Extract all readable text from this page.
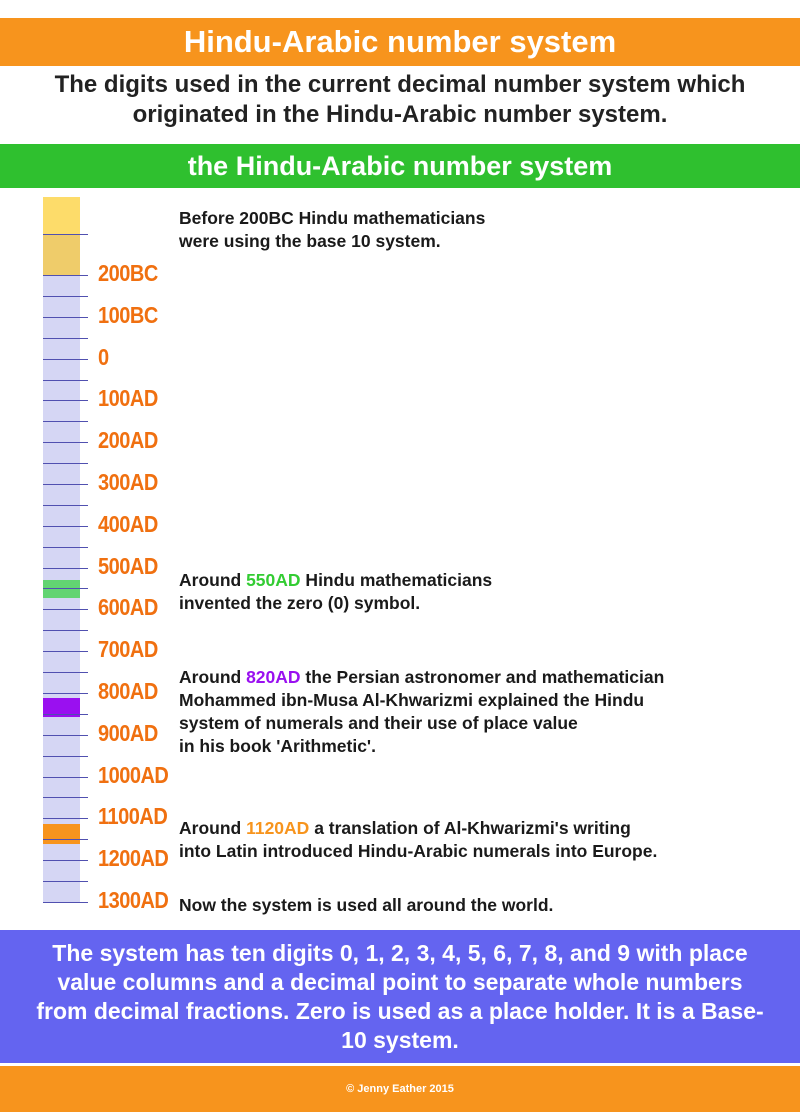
Hindu-Arabic number system
The digits used in the current decimal number system which
originated in the Hindu-Arabic number system.
the Hindu-Arabic number system
200BC
100BC
0
100AD
200AD
300AD
400AD
500AD
600AD
700AD
800AD
900AD
1000AD
1100AD
1200AD
1300AD
Before 200BC Hindu mathematicians
were using the base 10 system.
Around 550AD Hindu mathematicians
invented the zero (0) symbol.
Around 820AD the Persian astronomer and mathematician
Mohammed ibn-Musa Al-Khwarizmi explained the Hindu
system of numerals and their use of place value
in his book 'Arithmetic'.
Around 1120AD a translation of Al-Khwarizmi's writing
into Latin introduced Hindu-Arabic numerals into Europe.
Now the system is used all around the world.
The system has ten digits 0, 1, 2, 3, 4, 5, 6, 7, 8, and 9 with place value columns and a decimal point to separate whole numbers from decimal fractions. Zero is used as a place holder. It is a Base-10 system.
© Jenny Eather 2015
